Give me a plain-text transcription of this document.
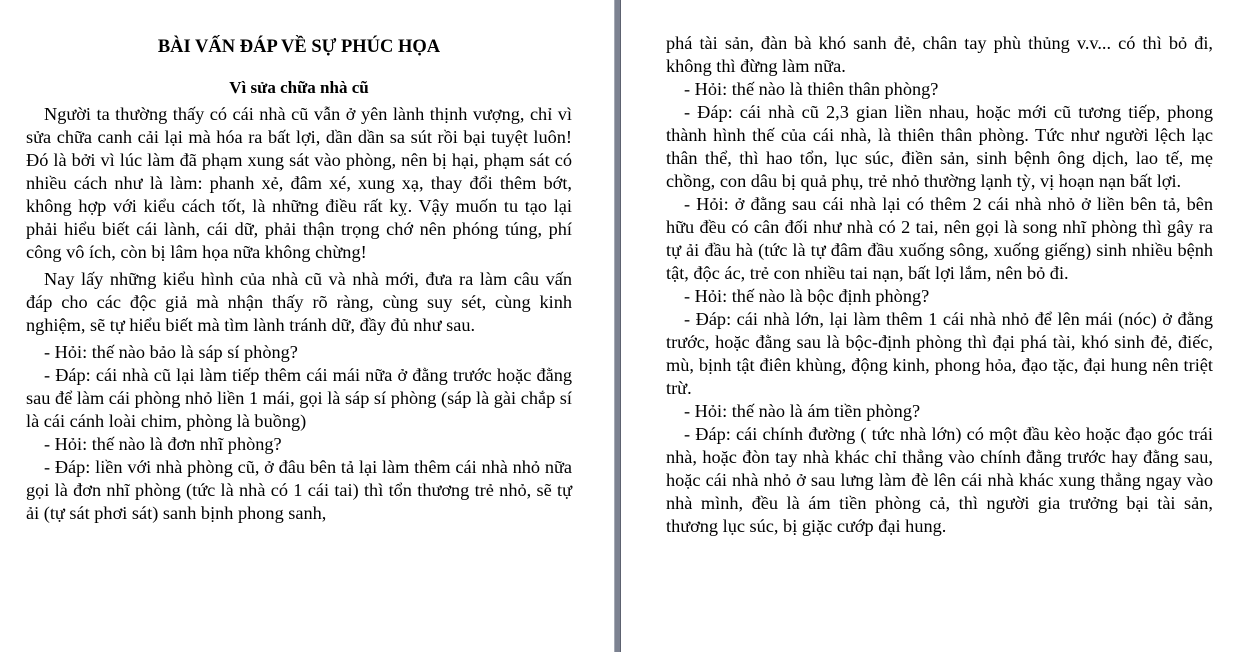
BÀI VẤN ĐÁP VỀ SỰ PHÚC HỌA

Vì sửa chữa nhà cũ

Người ta thường thấy có cái nhà cũ vẫn ở yên lành thịnh vượng, chỉ vì sửa chữa canh cải lại mà hóa ra bất lợi, dần dần sa sút rồi bại tuyệt luôn! Đó là bởi vì lúc làm đã phạm xung sát vào phòng, nên bị hại, phạm sát có nhiều cách như là làm: phanh xẻ, đâm xé, xung xạ, thay đổi thêm bớt, không hợp với kiểu cách tốt, là những điều rất kỵ. Vậy muốn tu tạo lại phải hiểu biết cái lành, cái dữ, phải thận trọng chớ nên phóng túng, phí công vô ích, còn bị lâm họa nữa không chừng!

Nay lấy những kiểu hình của nhà cũ và nhà mới, đưa ra làm câu vấn đáp cho các độc giả mà nhận thấy rõ ràng, cùng suy sét, cùng kinh nghiệm, sẽ tự hiểu biết mà tìm lành tránh dữ, đầy đủ như sau.

- Hỏi: thế nào bảo là sáp sí phòng?

- Đáp: cái nhà cũ lại làm tiếp thêm cái mái nữa ở đằng trước hoặc đằng sau để làm cái phòng nhỏ liền 1 mái, gọi là sáp sí phòng (sáp là gài chắp sí là cái cánh loài chim, phòng là buồng)

- Hỏi: thế nào là đơn nhĩ phòng?

- Đáp: liền với nhà phòng cũ, ở đâu bên tả lại làm thêm cái nhà nhỏ nữa gọi là đơn nhĩ phòng (tức là nhà có 1 cái tai) thì tổn thương trẻ nhỏ, sẽ tự ải (tự sát phơi sát) sanh bịnh phong sanh,

phá tài sản, đàn bà khó sanh đẻ, chân tay phù thủng v.v... có thì bỏ đi, không thì đừng làm nữa.

- Hỏi: thế nào là thiên thân phòng?

- Đáp: cái nhà cũ 2,3 gian liền nhau, hoặc mới cũ tương tiếp, phong thành hình thế của cái nhà, là thiên thân phòng. Tức như người lệch lạc thân thể, thì hao tổn, lục súc, điền sản, sinh bệnh ông dịch, lao tế, mẹ chồng, con dâu bị quả phụ, trẻ nhỏ thường lạnh tỳ, vị hoạn nạn bất lợi.

- Hỏi: ở đằng sau cái nhà lại có thêm 2 cái nhà nhỏ ở liền bên tả, bên hữu đều có cân đối như nhà có 2 tai, nên gọi là song nhĩ phòng thì gây ra tự ải đầu hà (tức là tự đâm đầu xuống sông, xuống giếng) sinh nhiều bệnh tật, độc ác, trẻ con nhiều tai nạn, bất lợi lắm, nên bỏ đi.

- Hỏi: thế nào là bộc định phòng?

- Đáp: cái nhà lớn, lại làm thêm 1 cái nhà nhỏ để lên mái (nóc) ở đằng trước, hoặc đằng sau là bộc-định phòng thì đại phá tài, khó sinh đẻ, điếc, mù, bịnh tật điên khùng, động kinh, phong hỏa, đạo tặc, đại hung nên triệt trừ.

- Hỏi: thế nào là ám tiền phòng?

- Đáp: cái chính đường ( tức nhà lớn) có một đầu kèo hoặc đạo góc trái nhà, hoặc đòn tay nhà khác chỉ thẳng vào chính đằng trước hay đằng sau, hoặc cái nhà nhỏ ở sau lưng làm đè lên cái nhà khác xung thẳng ngay vào nhà mình, đều là ám tiền phòng cả, thì người gia trưởng bại tài sản, thương lục súc, bị giặc cướp đại hung.
